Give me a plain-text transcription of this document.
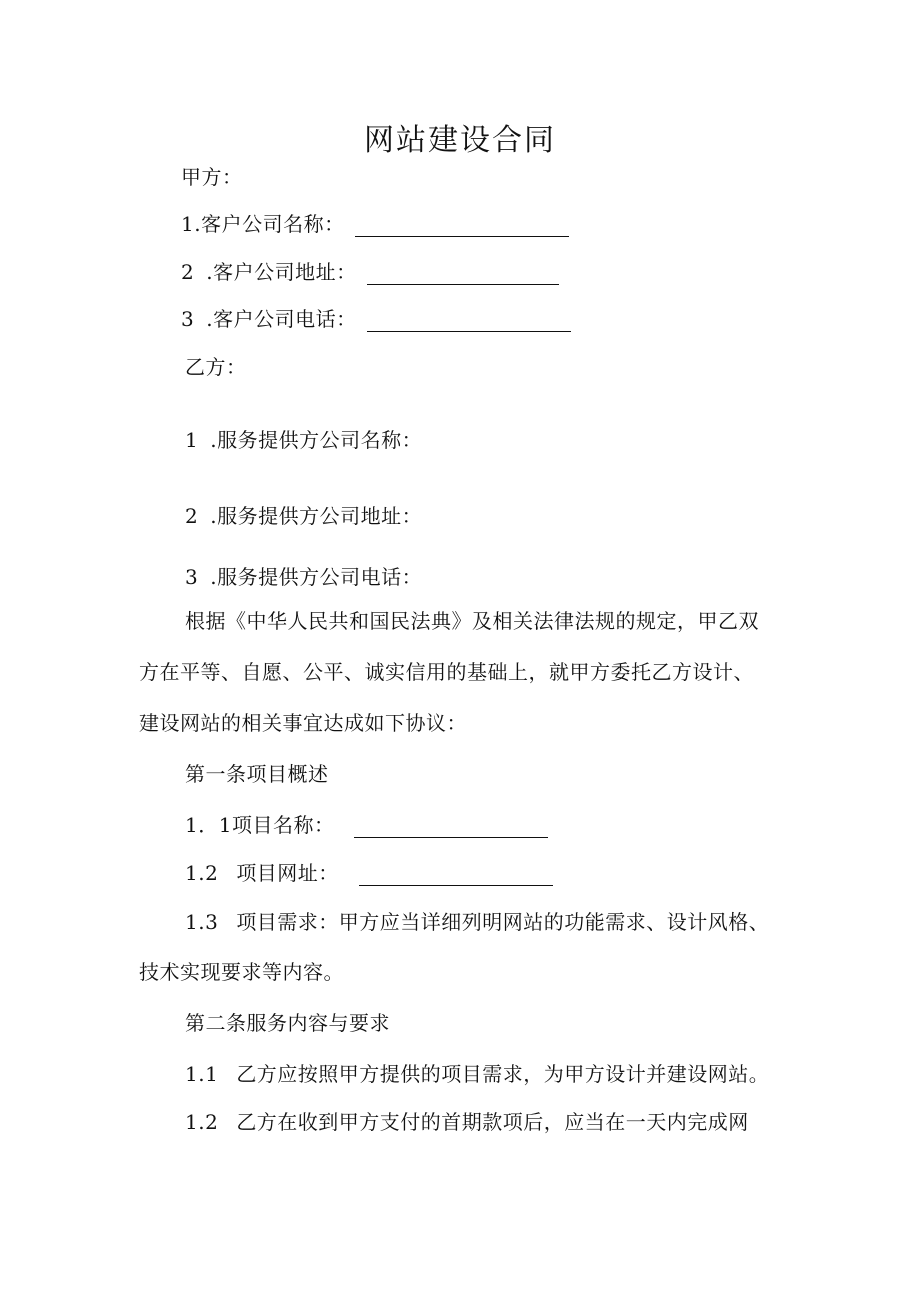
网站建设合同
甲方：
1.客户公司名称：
2 .客户公司地址：
3 .客户公司电话：
乙方：
1 .服务提供方公司名称：
2 .服务提供方公司地址：
3 .服务提供方公司电话：
根据《中华人民共和国民法典》及相关法律法规的规定，甲乙双
方在平等、自愿、公平、诚实信用的基础上，就甲方委托乙方设计、
建设网站的相关事宜达成如下协议：
第一条项目概述
1．1项目名称：
1.2 项目网址：
1.3 项目需求：甲方应当详细列明网站的功能需求、设计风格、
技术实现要求等内容。
第二条服务内容与要求
1.1 乙方应按照甲方提供的项目需求，为甲方设计并建设网站。
1.2 乙方在收到甲方支付的首期款项后，应当在一天内完成网
